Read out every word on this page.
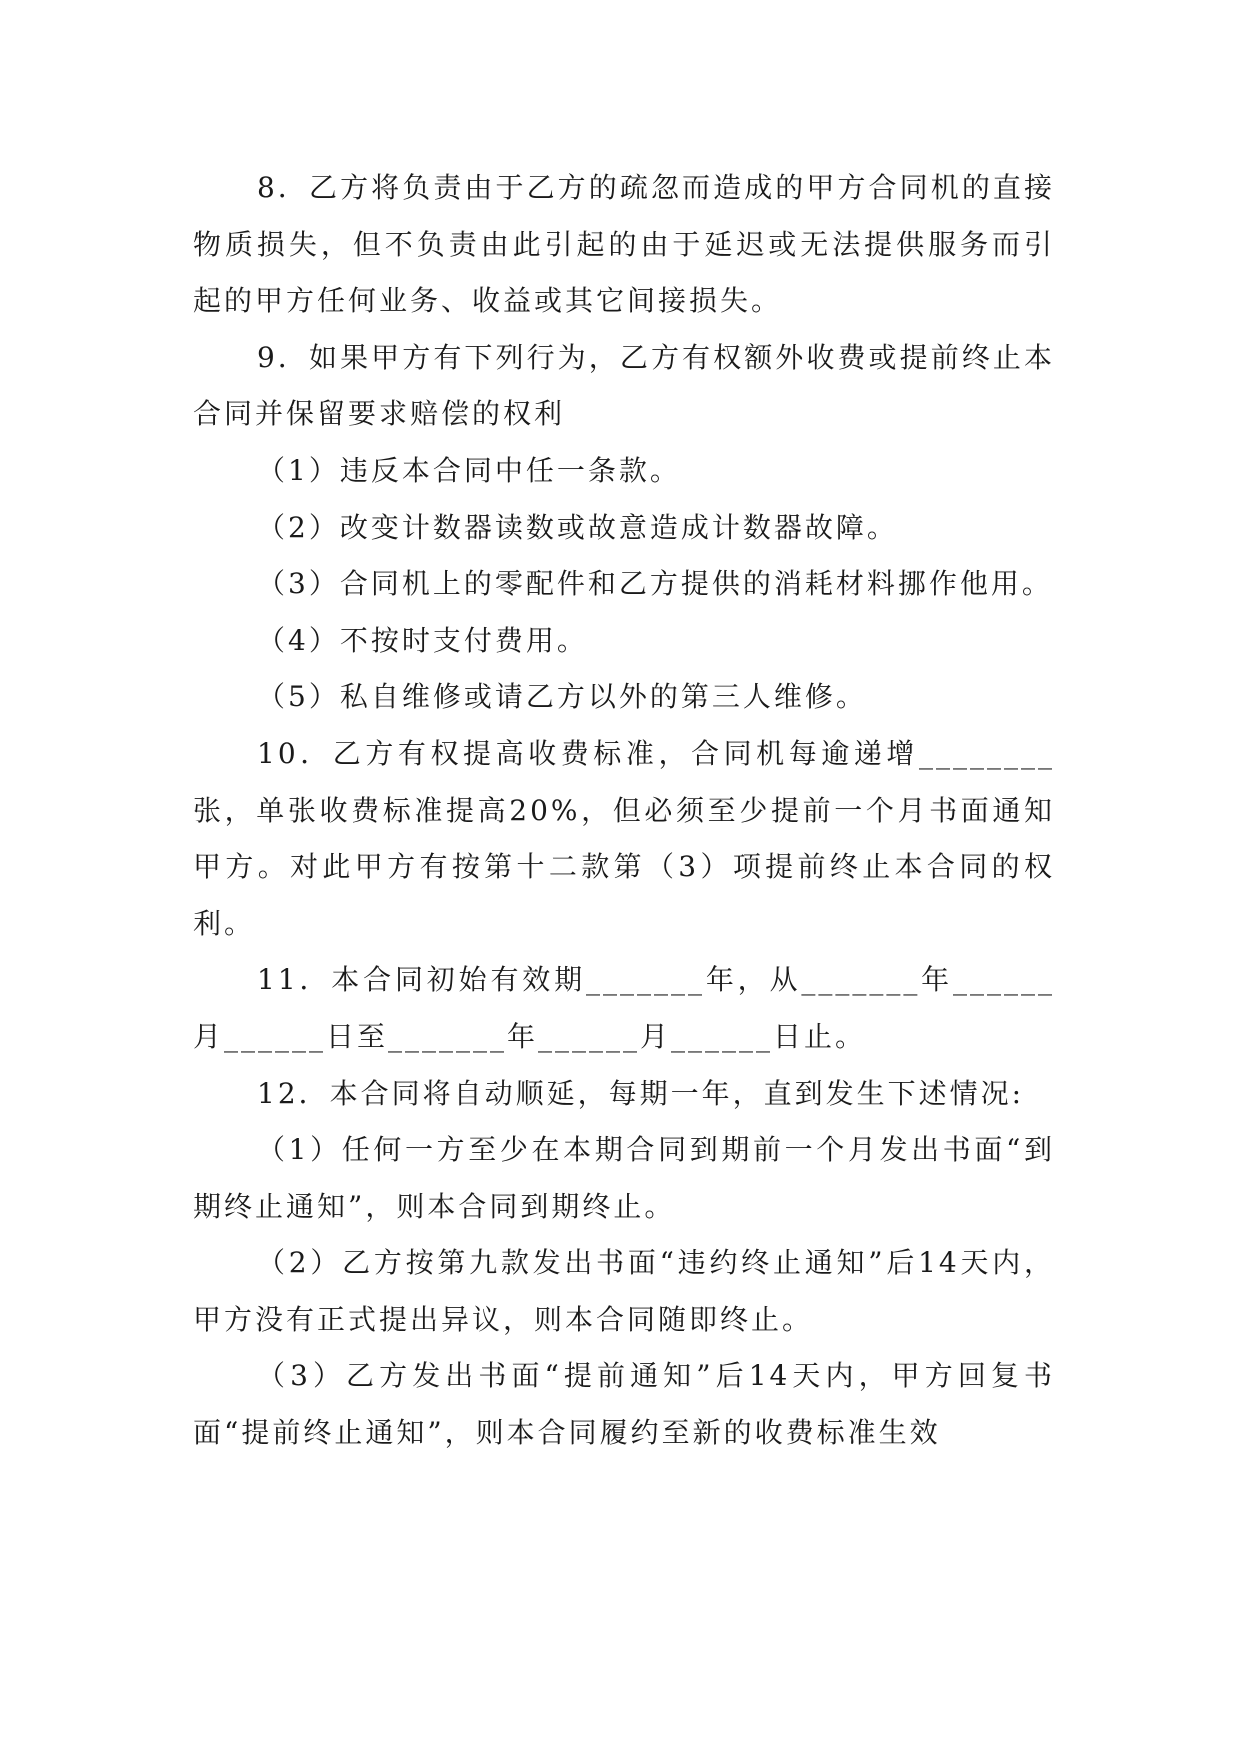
8．乙方将负责由于乙方的疏忽而造成的甲方合同机的直接物质损失，但不负责由此引起的由于延迟或无法提供服务而引起的甲方任何业务、收益或其它间接损失。

9．如果甲方有下列行为，乙方有权额外收费或提前终止本合同并保留要求赔偿的权利

（1）违反本合同中任一条款。

（2）改变计数器读数或故意造成计数器故障。

（3）合同机上的零配件和乙方提供的消耗材料挪作他用。

（4）不按时支付费用。

（5）私自维修或请乙方以外的第三人维修。

10．乙方有权提高收费标准，合同机每逾递增________张，单张收费标准提高20%，但必须至少提前一个月书面通知甲方。对此甲方有按第十二款第（3）项提前终止本合同的权利。

11．本合同初始有效期_______年，从_______年______月______日至_______年______月______日止。

12．本合同将自动顺延，每期一年，直到发生下述情况:

（1）任何一方至少在本期合同到期前一个月发出书面“到期终止通知”，则本合同到期终止。

（2）乙方按第九款发出书面“违约终止通知”后14天内，甲方没有正式提出异议，则本合同随即终止。

（3）乙方发出书面“提前通知”后14天内，甲方回复书面“提前终止通知”，则本合同履约至新的收费标准生效
